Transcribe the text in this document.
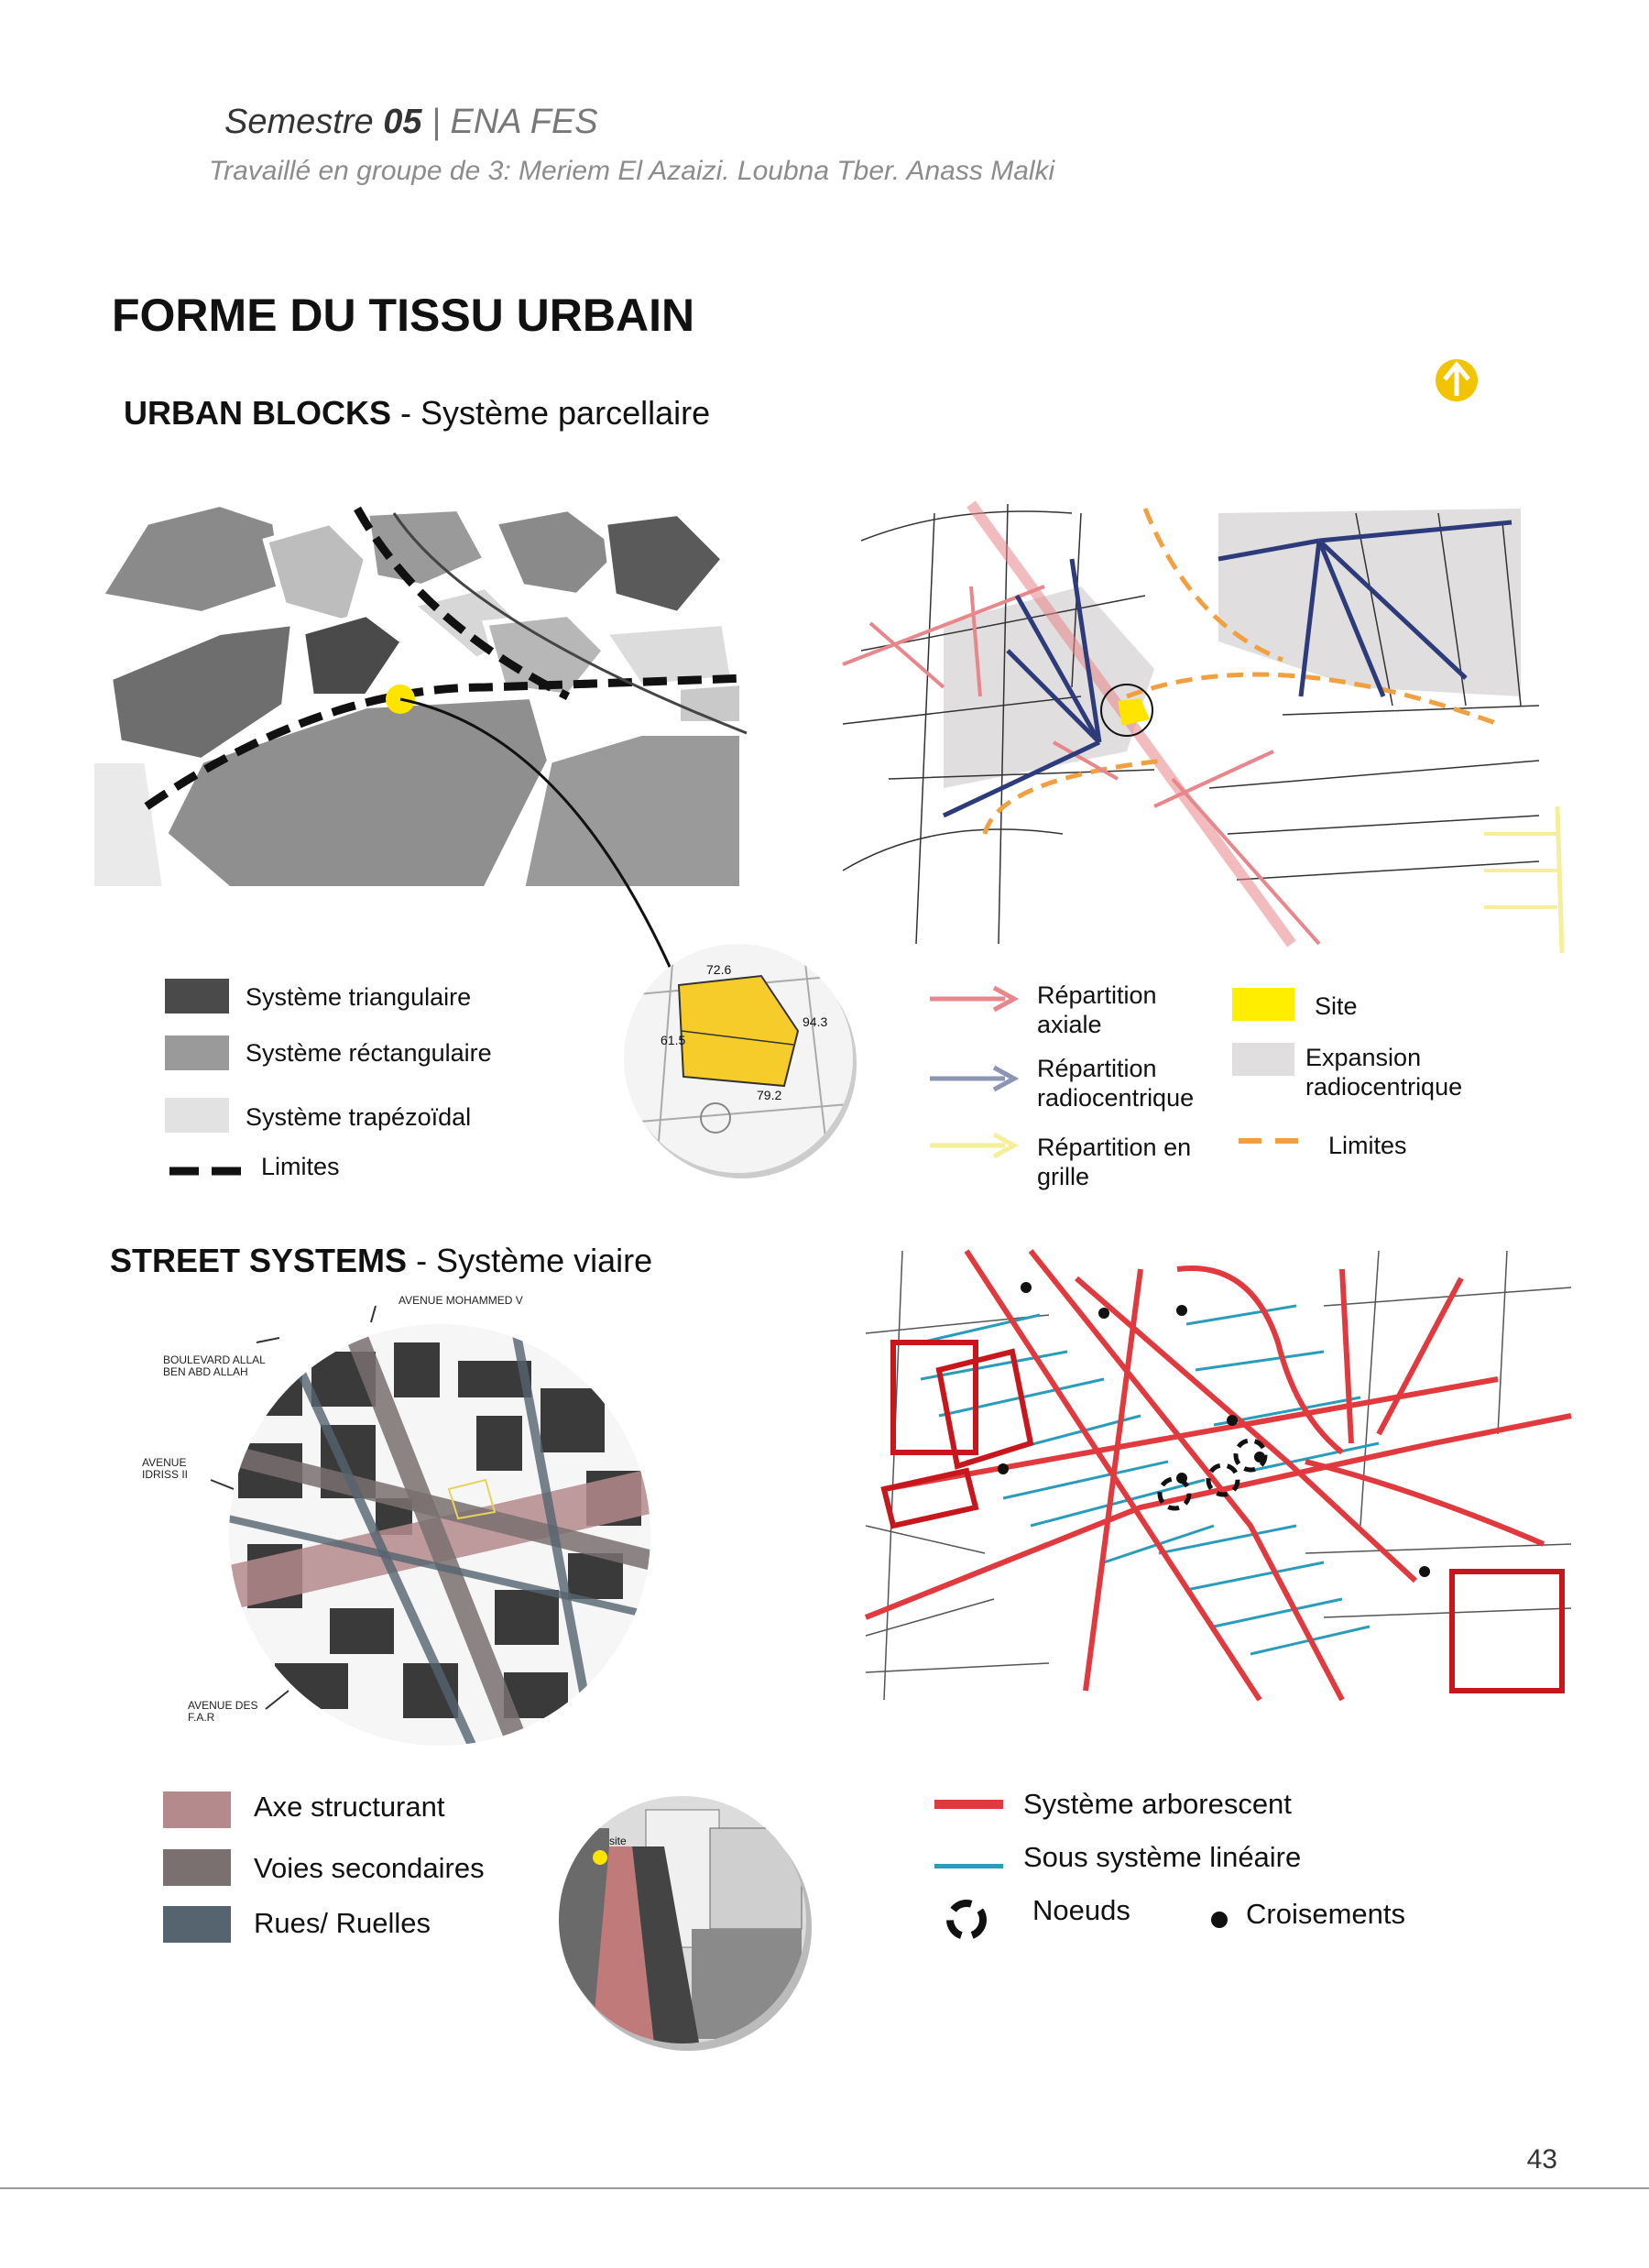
Semestre 05 | ENA FES
Travaillé en groupe de 3: Meriem El Azaizi. Loubna Tber. Anass Malki
FORME DU TISSU URBAIN
URBAN BLOCKS - Système parcellaire
72.6
94.3
79.2
61.5
Système triangulaire
Système réctangulaire
Système trapézoïdal
Limites
Répartition axiale
Répartition radiocentrique
Répartition en grille
Site
Expansion radiocentrique
Limites
STREET SYSTEMS - Système viaire
AVENUE MOHAMMED V
BOULEVARD ALLAL BEN ABD ALLAH
AVENUE IDRISS II
AVENUE DES F.A.R
Axe structurant
Voies secondaires
Rues/ Ruelles
site
Système arborescent
Sous système linéaire
Noeuds	Croisements
43
